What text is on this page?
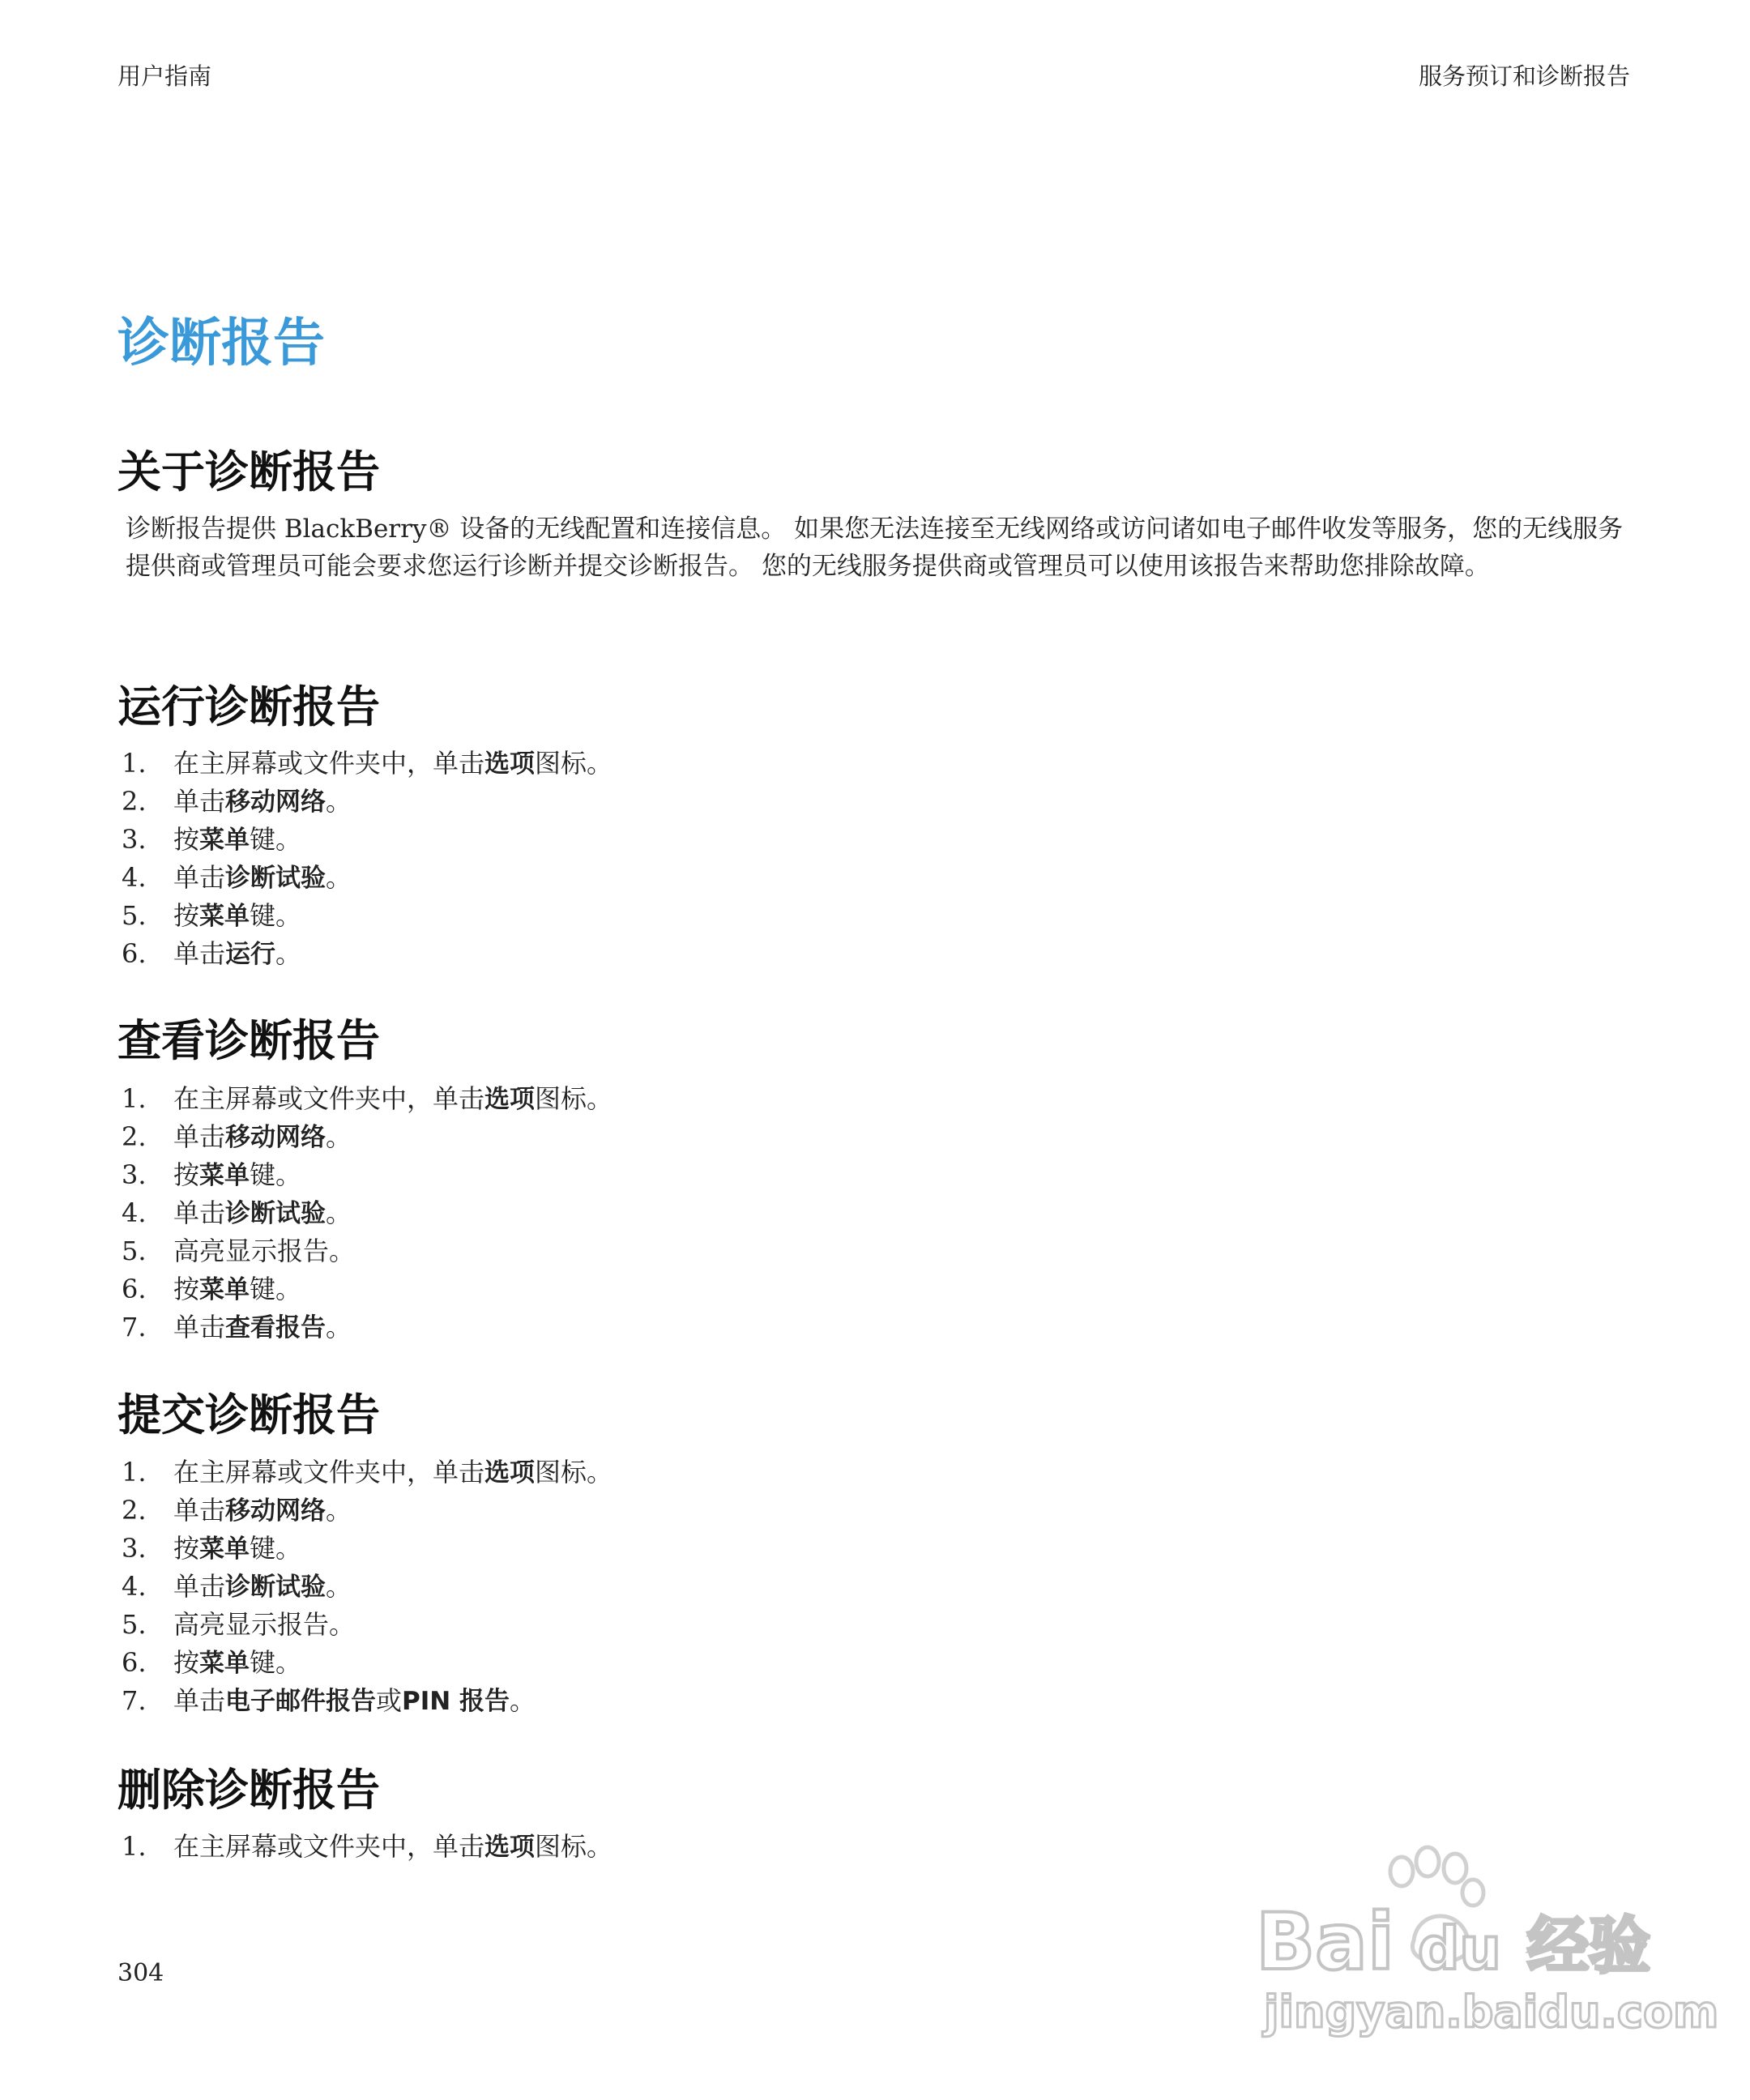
用户指南	服务预订和诊断报告
诊断报告
关于诊断报告

诊断报告提供 BlackBerry® 设备的无线配置和连接信息。 如果您无法连接至无线网络或访问诸如电子邮件收发等服务，您的无线服务提供商或管理员可能会要求您运行诊断并提交诊断报告。 您的无线服务提供商或管理员可以使用该报告来帮助您排除故障。

运行诊断报告
1. 在主屏幕或文件夹中，单击选项图标。
2. 单击移动网络。
3. 按菜单键。
4. 单击诊断试验。
5. 按菜单键。
6. 单击运行。
查看诊断报告
1. 在主屏幕或文件夹中，单击选项图标。
2. 单击移动网络。
3. 按菜单键。
4. 单击诊断试验。
5. 高亮显示报告。
6. 按菜单键。
7. 单击查看报告。
提交诊断报告
1. 在主屏幕或文件夹中，单击选项图标。
2. 单击移动网络。
3. 按菜单键。
4. 单击诊断试验。
5. 高亮显示报告。
6. 按菜单键。
7. 单击电子邮件报告或PIN 报告。
删除诊断报告
1. 在主屏幕或文件夹中，单击选项图标。
304	Bai du 经验
jingyan.baidu.com
